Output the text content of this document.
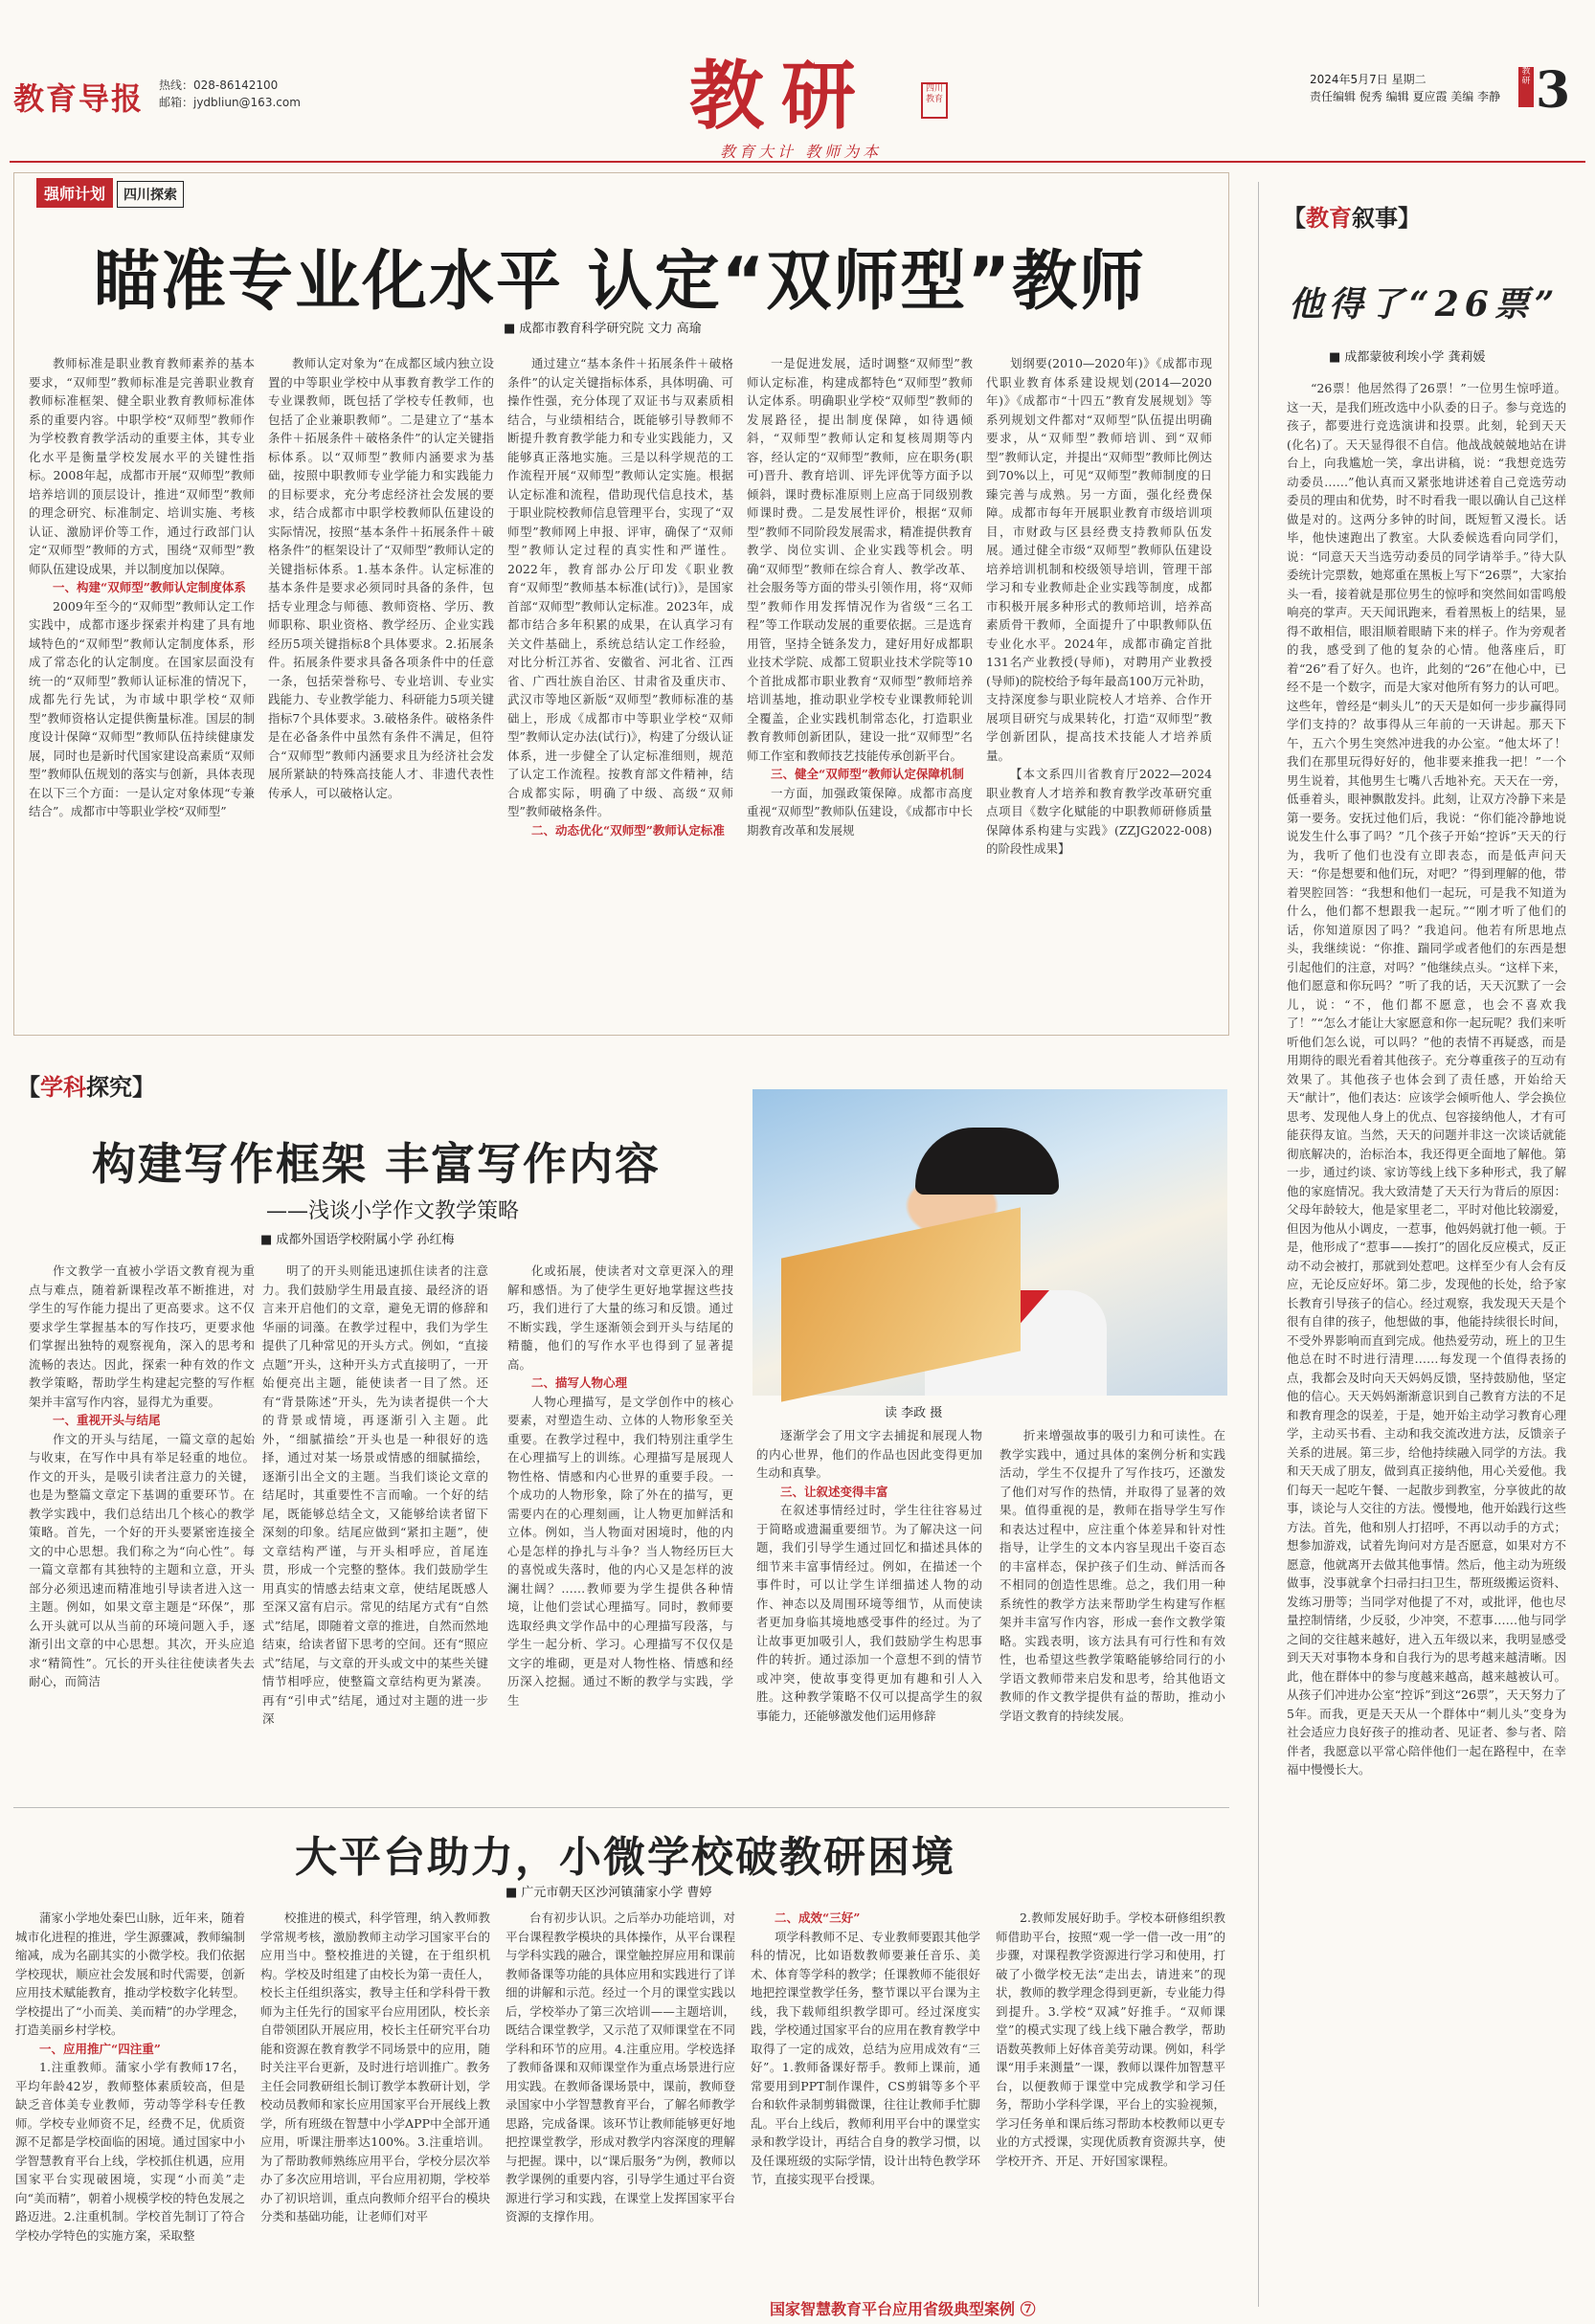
教育导报 热线：028-86142100
邮箱：jydbliun@163.com	教研	四川教育
教育大计 教师为本
2024年5月7日 星期二
责任编辑 倪秀 编辑 夏应霞 美编 李静
教研 3
强师计划 四川探索
瞄准专业化水平 认定“双师型”教师
■ 成都市教育科学研究院 文力 高瑜

教师标准是职业教育教师素养的基本要求，“双师型”教师标准是完善职业教育教师标准框架、健全职业教育教师标准体系的重要内容。中职学校“双师型”教师作为学校教育教学活动的重要主体，其专业化水平是衡量学校发展水平的关键性指标。2008年起，成都市开展“双师型”教师培养培训的顶层设计，推进“双师型”教师的理念研究、标准制定、培训实施、考核认证、激励评价等工作，通过行政部门认定“双师型”教师的方式，围绕“双师型”教师队伍建设成果，并以制度加以保障。

一、构建“双师型”教师认定制度体系

2009年至今的“双师型”教师认定工作实践中，成都市逐步探索并构建了具有地域特色的“双师型”教师认定制度体系，形成了常态化的认定制度。在国家层面没有统一的“双师型”教师认证标准的情况下，成都先行先试，为市域中职学校“双师型”教师资格认定提供衡量标准。国层的制度设计保障“双师型”教师队伍持续健康发展，同时也是新时代国家建设高素质“双师型”教师队伍规划的落实与创新，具体表现在以下三个方面：一是认定对象体现“专兼结合”。成都市中等职业学校“双师型”

教师认定对象为“在成都区域内独立设置的中等职业学校中从事教育教学工作的专业课教师，既包括了学校专任教师，也包括了企业兼职教师”。二是建立了“基本条件＋拓展条件＋破格条件”的认定关键指标体系。以“双师型”教师内涵要求为基础，按照中职教师专业学能力和实践能力的目标要求，充分考虑经济社会发展的要求，结合成都市中职学校教师队伍建设的实际情况，按照“基本条件＋拓展条件＋破格条件”的框架设计了“双师型”教师认定的关键指标体系。1.基本条件。认定标准的基本条件是要求必须同时具备的条件，包括专业理念与师德、教师资格、学历、教师职称、职业资格、教学经历、企业实践经历5项关键指标8个具体要求。2.拓展条件。拓展条件要求具备各项条件中的任意一条，包括荣誉称号、专业培训、专业实践能力、专业教学能力、科研能力5项关键指标7个具体要求。3.破格条件。破格条件是在必备条件中虽然有条件不满足，但符合“双师型”教师内涵要求且为经济社会发展所紧缺的特殊高技能人才、非遗代表性传承人，可以破格认定。

通过建立“基本条件＋拓展条件＋破格条件”的认定关键指标体系，具体明确、可操作性强，充分体现了双证书与双素质相结合，与业绩相结合，既能够引导教师不断提升教育教学能力和专业实践能力，又能够真正落地实施。三是以科学规范的工作流程开展“双师型”教师认定实施。根据认定标准和流程，借助现代信息技术，基于职业院校教师信息管理平台，实现了“双师型”教师网上申报、评审，确保了“双师型”教师认定过程的真实性和严谨性。2022年，教育部办公厅印发《职业教育“双师型”教师基本标准(试行)》，是国家首部“双师型”教师认定标准。2023年，成都市结合多年积累的成果，在认真学习有关文件基础上，系统总结认定工作经验，对比分析江苏省、安徽省、河北省、江西省、广西壮族自治区、甘肃省及重庆市、武汉市等地区新版“双师型”教师标准的基础上，形成《成都市中等职业学校“双师型”教师认定办法(试行)》，构建了分级认证体系，进一步健全了认定标准细则，规范了认定工作流程。按教育部文件精神，结合成都实际，明确了中级、高级“双师型”教师破格条件。

二、动态优化“双师型”教师认定标准

一是促进发展，适时调整“双师型”教师认定标准，构建成都特色“双师型”教师认定体系。明确职业学校“双师型”教师的发展路径，提出制度保障，如待遇倾斜，“双师型”教师认定和复核周期等内容，经认定的“双师型”教师，应在职务(职可)晋升、教育培训、评先评优等方面予以倾斜，课时费标准原则上应高于同级别教师课时费。二是发展性评价，根据“双师型”教师不同阶段发展需求，精准提供教育教学、岗位实训、企业实践等机会。明确“双师型”教师在综合育人、教学改革、社会服务等方面的带头引领作用，将“双师型”教师作用发挥情况作为省级“三名工程”等工作联动发展的重要依据。三是选育用管，坚持全链条发力，建好用好成都职业技术学院、成都工贸职业技术学院等10个首批成都市职业教育“双师型”教师培养培训基地，推动职业学校专业课教师轮训全覆盖，企业实践机制常态化，打造职业教育教师创新团队，建设一批“双师型”名师工作室和教师技艺技能传承创新平台。

三、健全“双师型”教师认定保障机制

一方面，加强政策保障。成都市高度重视“双师型”教师队伍建设，《成都市中长期教育改革和发展规

划纲要(2010—2020年)》《成都市现代职业教育体系建设规划(2014—2020年)》《成都市“十四五”教育发展规划》等系列规划文件都对“双师型”队伍提出明确要求，从“双师型”教师培训、到“双师型”教师认定，并提出“双师型”教师比例达到70%以上，可见“双师型”教师制度的日臻完善与成熟。另一方面，强化经费保障。成都市每年开展职业教育市级培训项目，市财政与区县经费支持教师队伍发展。通过健全市级“双师型”教师队伍建设培养培训机制和校级领导培训，管理干部学习和专业教师赴企业实践等制度，成都市积极开展多种形式的教师培训，培养高素质骨干教师，全面提升了中职教师队伍专业化水平。2024年，成都市确定首批131名产业教授(导师)，对聘用产业教授(导师)的院校给予每年最高100万元补助，支持深度参与职业院校人才培养、合作开展项目研究与成果转化，打造“双师型”教学创新团队，提高技术技能人才培养质量。

【本文系四川省教育厅2022—2024职业教育人才培养和教育教学改革研究重点项目《数字化赋能的中职教师研修质量保障体系构建与实践》(ZZJG2022-008)的阶段性成果】

【教育叙事】
他得了“26票”
■ 成都蒙彼利埃小学 龚莉媛

“26票！他居然得了26票！”一位男生惊呼道。这一天，是我们班改选中小队委的日子。参与竞选的孩子，都要进行竞选演讲和投票。此刻，轮到天天(化名)了。天天显得很不自信。他战战兢兢地站在讲台上，向我尴尬一笑，拿出讲稿，说：“我想竞选劳动委员……”他认真而又紧张地讲述着自己竞选劳动委员的理由和优势，时不时看我一眼以确认自己这样做是对的。这两分多钟的时间，既短暂又漫长。话毕，他快速跑出了教室。大队委候选看向同学们，说：“同意天天当选劳动委员的同学请举手。”待大队委统计完票数，她郑重在黑板上写下“26票”，大家抬头一看，接着就是那位男生的惊呼和突然间如雷鸣般响亮的掌声。天天闻讯跑来，看着黑板上的结果，显得不敢相信，眼泪顺着眼睛下来的样子。作为旁观者的我，感受到了他的复杂的心情。他落座后，盯着“26”看了好久。也许，此刻的“26”在他心中，已经不是一个数字，而是大家对他所有努力的认可吧。这些年，曾经是“刺头儿”的天天是如何一步步赢得同学们支持的？故事得从三年前的一天讲起。那天下午，五六个男生突然冲进我的办公室。“他太坏了！我们在那里玩得好好的，他非要来推我一把！”一个男生说着，其他男生七嘴八舌地补充。天天在一旁，低垂着头，眼神飘散发抖。此刻，让双方冷静下来是第一要务。安抚过他们后，我说：“你们能冷静地说说发生什么事了吗？”几个孩子开始“控诉”天天的行为，我听了他们也没有立即表态，而是低声问天天：“你是想要和他们玩，对吧？”得到理解的他，带着哭腔回答：“我想和他们一起玩，可是我不知道为什么，他们都不想跟我一起玩。”“刚才听了他们的话，你知道原因了吗？”我追问。他若有所思地点头，我继续说：“你推、踹同学或者他们的东西是想引起他们的注意，对吗？”他继续点头。“这样下来，他们愿意和你玩吗？”听了我的话，天天沉默了一会儿，说：“不，他们都不愿意，也会不喜欢我了！”“怎么才能让大家愿意和你一起玩呢？我们来听听他们怎么说，可以吗？”他的表情不再疑惑，而是用期待的眼光看着其他孩子。充分尊重孩子的互动有效果了。其他孩子也体会到了责任感，开始给天天“献计”，他们表达：应该学会倾听他人、学会换位思考、发现他人身上的优点、包容接纳他人，才有可能获得友谊。当然，天天的问题并非这一次谈话就能彻底解决的，治标治本，我还得更全面地了解他。第一步，通过约谈、家访等线上线下多种形式，我了解他的家庭情况。我大致清楚了天天行为背后的原因：父母年龄较大，他是家里老二，平时对他比较溺爱，但因为他从小调皮，一惹事，他妈妈就打他一顿。于是，他形成了“惹事——挨打”的固化反应模式，反正动不动会被打，那就到处惹吧。这样至少有人会有反应，无论反应好坏。第二步，发现他的长处，给予家长教育引导孩子的信心。经过观察，我发现天天是个很有自律的孩子，他想做的事，他能持续很长时间，不受外界影响而直到完成。他热爱劳动，班上的卫生他总在时不时进行清理……每发现一个值得表扬的点，我都会及时向天天妈妈反馈，坚持鼓励他，坚定他的信心。天天妈妈渐渐意识到自己教育方法的不足和教育理念的误差，于是，她开始主动学习教育心理学，主动买书看、主动和我交流改进方法，反馈亲子关系的进展。第三步，给他持续融入同学的方法。我和天天成了朋友，做到真正接纳他，用心关爱他。我们每天一起吃午餐、一起散步到教室，分享彼此的故事，谈论与人交往的方法。慢慢地，他开始践行这些方法。首先，他和别人打招呼，不再以动手的方式；想参加游戏，试着先询问对方是否愿意，如果对方不愿意，他就离开去做其他事情。然后，他主动为班级做事，没事就拿个扫帚扫扫卫生，帮班级搬运资料、发练习册等；当同学对他提了不对，或批评，他也尽量控制情绪，少反驳，少冲突，不惹事……他与同学之间的交往越来越好，进入五年级以来，我明显感受到天天对事物本身和自我行为的思考越来越清晰。因此，他在群体中的参与度越来越高，越来越被认可。从孩子们冲进办公室“控诉”到这“26票”，天天努力了5年。而我，更是天天从一个群体中“刺儿头”变身为社会适应力良好孩子的推动者、见证者、参与者、陪伴者，我愿意以平常心陪伴他们一起在路程中，在幸福中慢慢长大。

【学科探究】
构建写作框架 丰富写作内容
——浅谈小学作文教学策略
■ 成都外国语学校附属小学 孙红梅
读 李政 摄

作文教学一直被小学语文教育视为重点与难点，随着新课程改革不断推进，对学生的写作能力提出了更高要求。这不仅要求学生掌握基本的写作技巧，更要求他们掌握出独特的观察视角，深入的思考和流畅的表达。因此，探索一种有效的作文教学策略，帮助学生构建起完整的写作框架并丰富写作内容，显得尤为重要。

一、重视开头与结尾

作文的开头与结尾，一篇文章的起始与收束，在写作中具有举足轻重的地位。作文的开头，是吸引读者注意力的关键，也是为整篇文章定下基调的重要环节。在教学实践中，我们总结出几个核心的教学策略。首先，一个好的开头要紧密连接全文的中心思想。我们称之为“向心性”。每一篇文章都有其独特的主题和立意，开头部分必须迅速而精准地引导读者进入这一主题。例如，如果文章主题是“环保”，那么开头就可以从当前的环境问题入手，逐渐引出文章的中心思想。其次，开头应追求“精简性”。冗长的开头往往使读者失去耐心，而简洁

明了的开头则能迅速抓住读者的注意力。我们鼓励学生用最直接、最经济的语言来开启他们的文章，避免无谓的修辞和华丽的词藻。在教学过程中，我们为学生提供了几种常见的开头方式。例如，“直接点题”开头，这种开头方式直接明了，一开始便亮出主题，能使读者一目了然。还有“背景陈述”开头，先为读者提供一个大的背景或情境，再逐渐引入主题。此外，“细腻描绘”开头也是一种很好的选择，通过对某一场景或情感的细腻描绘，逐渐引出全文的主题。当我们谈论文章的结尾时，其重要性不言而喻。一个好的结尾，既能够总结全文，又能够给读者留下深刻的印象。结尾应做到“紧扣主题”，使文章结构严谨，与开头相呼应，首尾连贯，形成一个完整的整体。我们鼓励学生用真实的情感去结束文章，使结尾既感人至深又富有启示。常见的结尾方式有“自然式”结尾，即随着文章的推进，自然而然地结束，给读者留下思考的空间。还有“照应式”结尾，与文章的开头或文中的某些关键情节相呼应，使整篇文章结构更为紧凑。再有“引申式”结尾，通过对主题的进一步深

化或拓展，使读者对文章更深入的理解和感悟。为了使学生更好地掌握这些技巧，我们进行了大量的练习和反馈。通过不断实践，学生逐渐领会到开头与结尾的精髓，他们的写作水平也得到了显著提高。

二、描写人物心理

人物心理描写，是文学创作中的核心要素，对塑造生动、立体的人物形象至关重要。在教学过程中，我们特别注重学生在心理描写上的训练。心理描写是展现人物性格、情感和内心世界的重要手段。一个成功的人物形象，除了外在的描写，更需要内在的心理刻画，让人物更加鲜活和立体。例如，当人物面对困境时，他的内心是怎样的挣扎与斗争？当人物经历巨大的喜悦或失落时，他的内心又是怎样的波澜壮阔？……教师要为学生提供各种情境，让他们尝试心理描写。同时，教师要选取经典文学作品中的心理描写段落，与学生一起分析、学习。心理描写不仅仅是文字的堆砌，更是对人物性格、情感和经历深入挖掘。通过不断的教学与实践，学生

逐渐学会了用文字去捕捉和展现人物的内心世界，他们的作品也因此变得更加生动和真挚。

三、让叙述变得丰富

在叙述事情经过时，学生往往容易过于简略或遗漏重要细节。为了解决这一问题，我们引导学生通过回忆和描述具体的细节来丰富事情经过。例如，在描述一个事件时，可以让学生详细描述人物的动作、神态以及周围环境等细节，从而使读者更加身临其境地感受事件的经过。为了让故事更加吸引人，我们鼓励学生构思事件的转折。通过添加一个意想不到的情节或冲突，使故事变得更加有趣和引人入胜。这种教学策略不仅可以提高学生的叙事能力，还能够激发他们运用修辞

折来增强故事的吸引力和可读性。在教学实践中，通过具体的案例分析和实践活动，学生不仅提升了写作技巧，还激发了他们对写作的热情，并取得了显著的效果。值得重视的是，教师在指导学生写作和表达过程中，应注重个体差异和针对性指导，让学生的文本内容呈现出千姿百态的丰富样态，保护孩子们生动、鲜活而各不相同的创造性思维。总之，我们用一种系统性的教学方法来帮助学生构建写作框架并丰富写作内容，形成一套作文教学策略。实践表明，该方法具有可行性和有效性，也希望这些教学策略能够给同行的小学语文教师带来启发和思考，给其他语文教师的作文教学提供有益的帮助，推动小学语文教育的持续发展。

大平台助力，小微学校破教研困境
■ 广元市朝天区沙河镇蒲家小学 曹婷

蒲家小学地处秦巴山脉，近年来，随着城市化进程的推进，学生源骤减，教师编制缩减，成为名副其实的小微学校。我们依据学校现状，顺应社会发展和时代需要，创新应用技术赋能教育，推动学校数字化转型。学校提出了“小而美、美而精”的办学理念，打造美丽乡村学校。

一、应用推广“四注重”

1.注重教师。蒲家小学有教师17名，平均年龄42岁，教师整体素质较高，但是缺乏音体美专业教师，劳动等学科专任教师。学校专业师资不足，经费不足，优质资源不足都是学校面临的困境。通过国家中小学智慧教育平台上线，学校抓住机遇，应用国家平台实现破困境，实现“小而美”走向“美而精”，朝着小规模学校的特色发展之路迈进。2.注重机制。学校首先制订了符合学校办学特色的实施方案，采取整

校推进的模式，科学管理，纳入教师教学常规考核，激励教师主动学习国家平台的应用当中。整校推进的关键，在于组织机构。学校及时组建了由校长为第一责任人，校长主任组织落实，教导主任和学科骨干教师为主任先行的国家平台应用团队，校长亲自带领团队开展应用，校长主任研究平台功能和资源在教育教学不同场景中的应用，随时关注平台更新，及时进行培训推广。教务主任会同教研组长制订教学本教研计划，学校动员教师和家长应用国家平台开展线上教学，所有班级在智慧中小学APP中全部开通应用，听课注册率达100%。3.注重培训。为了帮助教师熟练应用平台，学校分层次举办了多次应用培训，平台应用初期，学校举办了初识培训，重点向教师介绍平台的模块分类和基础功能，让老师们对平

台有初步认识。之后举办功能培训，对平台课程教学模块的具体操作，从平台课程与学科实践的融合，课堂触控屏应用和课前教师备课等功能的具体应用和实践进行了详细的讲解和示范。经过一个月的课堂实践以后，学校举办了第三次培训——主题培训，既结合课堂教学，又示范了双师课堂在不同学科和环节的应用。4.注重应用。学校选择了教师备课和双师课堂作为重点场景进行应用实践。在教师备课场景中，课前，教师登录国家中小学智慧教育平台，了解名师教学思路，完成备课。该环节让教师能够更好地把控课堂教学，形成对教学内容深度的理解与把握。课中，以“课后服务”为例，教师以教学课例的重要内容，引导学生通过平台资源进行学习和实践，在课堂上发挥国家平台资源的支撑作用。

二、成效“三好”

项学科教师不足、专业教师要跟其他学科的情况，比如语数教师要兼任音乐、美术、体育等学科的教学；任课教师不能很好地把控课堂教学任务，整节课以平台课为主线，我下载师组织教学即可。经过深度实践，学校通过国家平台的应用在教育教学中取得了一定的成效，总结为应用成效有“三好”。1.教师备课好帮手。教师上课前，通常要用到PPT制作课件，CS剪辑等多个平台和软件录制剪辑微课，往往让教师手忙脚乱。平台上线后，教师利用平台中的课堂实录和教学设计，再结合自身的教学习惯，以及任课班级的实际学情，设计出特色教学环节，直接实现平台授课。

2.教师发展好助手。学校本研修组织教师借助平台，按照“观一学一借一改一用”的步骤，对课程教学资源进行学习和使用，打破了小微学校无法“走出去，请进来”的现状，教师的教学理念得到更新，专业能力得到提升。3.学校“双减”好推手。“双师课堂”的模式实现了线上线下融合教学，帮助语数英教师上好体音美劳动课。例如，科学课“用手来测量”一课，教师以课件加智慧平台，以便教师于课堂中完成教学和学习任务，帮助小学科学课，平台上的实验视频，学习任务单和课后练习帮助本校教师以更专业的方式授课，实现优质教育资源共享，使学校开齐、开足、开好国家课程。

国家智慧教育平台应用省级典型案例 ⑦
